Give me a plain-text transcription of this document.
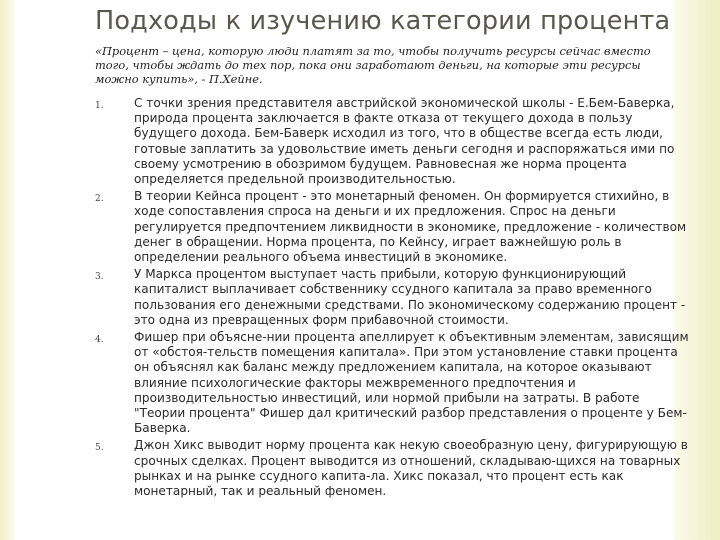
Подходы к изучению категории процента

«Процент – цена, которую люди платят за то, чтобы получить ресурсы сейчас вместо того, чтобы ждать до тех пор, пока они заработают деньги, на которые эти ресурсы можно купить», - П.Хейне.

1.	С точки зрения представителя австрийской экономической школы - Е.Бем-Баверка, природа процента заключается в факте отказа от текущего дохода в пользу будущего дохода. Бем-Баверк исходил из того, что в обществе всегда есть люди, готовые заплатить за удовольствие иметь деньги сегодня и распоряжаться ими по своему усмотрению в обозримом будущем. Равновесная же норма процента определяется предельной производительностью.
2.	В теории Кейнса процент - это монетарный феномен. Он формируется стихийно, в ходе сопоставления спроса на деньги и их предложения. Спрос на деньги регулируется предпочтением ликвидности в экономике, предложение - количеством денег в обращении. Норма процента, по Кейнсу, играет важнейшую роль в определении реального объема инвестиций в экономике.
3.	У Маркса процентом выступает часть прибыли, которую функционирующий капиталист выплачивает собственнику ссудного капитала за право временного пользования его денежными средствами. По экономическому содержанию процент - это одна из превращенных форм прибавочной стоимости.
4.	Фишер при объясне-нии процента апеллирует к объективным элементам, зависящим от «обстоя-тельств помещения капитала». При этом установление ставки процента он объяснял как баланс между предложением капитала, на которое оказывают влияние психологические факторы межвременного предпочтения и производительностью инвестиций, или нормой прибыли на затраты. В работе "Теории процента" Фишер дал критический разбор представления о проценте у Бем-Баверка.
5.	Джон Хикс выводит норму процента как некую своеобразную цену, фигурирующую в срочных сделках. Процент выводится из отношений, складываю-щихся на товарных рынках и на рынке ссудного капита-ла. Хикс показал, что процент есть как монетарный, так и реальный феномен.
